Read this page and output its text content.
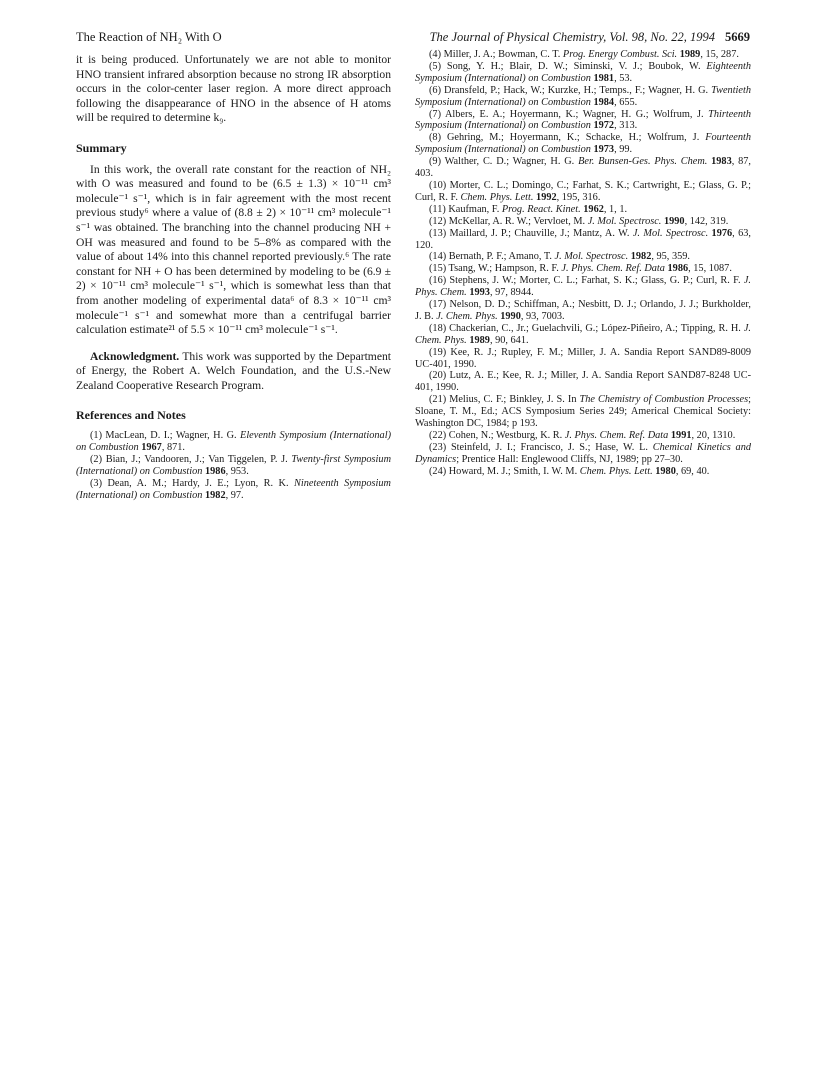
The Reaction of NH₂ With O	The Journal of Physical Chemistry, Vol. 98, No. 22, 1994 5669

it is being produced. Unfortunately we are not able to monitor HNO transient infrared absorption because no strong IR absorption occurs in the color-center laser region. A more direct approach following the disappearance of HNO in the absence of H atoms will be required to determine k₉.

Summary

In this work, the overall rate constant for the reaction of NH₂ with O was measured and found to be (6.5 ± 1.3) × 10⁻¹¹ cm³ molecule⁻¹ s⁻¹, which is in fair agreement with the most recent previous study⁶ where a value of (8.8 ± 2) × 10⁻¹¹ cm³ molecule⁻¹ s⁻¹ was obtained. The branching into the channel producing NH + OH was measured and found to be 5–8% as compared with the value of about 14% into this channel reported previously.⁶ The rate constant for NH + O has been determined by modeling to be (6.9 ± 2) × 10⁻¹¹ cm³ molecule⁻¹ s⁻¹, which is somewhat less than that from another modeling of experimental data⁶ of 8.3 × 10⁻¹¹ cm³ molecule⁻¹ s⁻¹ and somewhat more than a centrifugal barrier calculation estimate²¹ of 5.5 × 10⁻¹¹ cm³ molecule⁻¹ s⁻¹.

Acknowledgment. This work was supported by the Department of Energy, the Robert A. Welch Foundation, and the U.S.-New Zealand Cooperative Research Program.

References and Notes

(1) MacLean, D. I.; Wagner, H. G. Eleventh Symposium (International) on Combustion 1967, 871.

(2) Bian, J.; Vandooren, J.; Van Tiggelen, P. J. Twenty-first Symposium (International) on Combustion 1986, 953.

(3) Dean, A. M.; Hardy, J. E.; Lyon, R. K. Nineteenth Symposium (International) on Combustion 1982, 97.

(4) Miller, J. A.; Bowman, C. T. Prog. Energy Combust. Sci. 1989, 15, 287.

(5) Song, Y. H.; Blair, D. W.; Siminski, V. J.; Boubok, W. Eighteenth Symposium (International) on Combustion 1981, 53.

(6) Dransfeld, P.; Hack, W.; Kurzke, H.; Temps., F.; Wagner, H. G. Twentieth Symposium (International) on Combustion 1984, 655.

(7) Albers, E. A.; Hoyermann, K.; Wagner, H. G.; Wolfrum, J. Thirteenth Symposium (International) on Combustion 1972, 313.

(8) Gehring, M.; Hoyermann, K.; Schacke, H.; Wolfrum, J. Fourteenth Symposium (International) on Combustion 1973, 99.

(9) Walther, C. D.; Wagner, H. G. Ber. Bunsen-Ges. Phys. Chem. 1983, 87, 403.

(10) Morter, C. L.; Domingo, C.; Farhat, S. K.; Cartwright, E.; Glass, G. P.; Curl, R. F. Chem. Phys. Lett. 1992, 195, 316.

(11) Kaufman, F. Prog. React. Kinet. 1962, 1, 1.

(12) McKellar, A. R. W.; Vervloet, M. J. Mol. Spectrosc. 1990, 142, 319.

(13) Maillard, J. P.; Chauville, J.; Mantz, A. W. J. Mol. Spectrosc. 1976, 63, 120.

(14) Bernath, P. F.; Amano, T. J. Mol. Spectrosc. 1982, 95, 359.

(15) Tsang, W.; Hampson, R. F. J. Phys. Chem. Ref. Data 1986, 15, 1087.

(16) Stephens, J. W.; Morter, C. L.; Farhat, S. K.; Glass, G. P.; Curl, R. F. J. Phys. Chem. 1993, 97, 8944.

(17) Nelson, D. D.; Schiffman, A.; Nesbitt, D. J.; Orlando, J. J.; Burkholder, J. B. J. Chem. Phys. 1990, 93, 7003.

(18) Chackerian, C., Jr.; Guelachvili, G.; López-Piñeiro, A.; Tipping, R. H. J. Chem. Phys. 1989, 90, 641.

(19) Kee, R. J.; Rupley, F. M.; Miller, J. A. Sandia Report SAND89-8009 UC-401, 1990.

(20) Lutz, A. E.; Kee, R. J.; Miller, J. A. Sandia Report SAND87-8248 UC-401, 1990.

(21) Melius, C. F.; Binkley, J. S. In The Chemistry of Combustion Processes; Sloane, T. M., Ed.; ACS Symposium Series 249; Americal Chemical Society: Washington DC, 1984; p 193.

(22) Cohen, N.; Westburg, K. R. J. Phys. Chem. Ref. Data 1991, 20, 1310.

(23) Steinfeld, J. I.; Francisco, J. S.; Hase, W. L. Chemical Kinetics and Dynamics; Prentice Hall: Englewood Cliffs, NJ, 1989; pp 27–30.

(24) Howard, M. J.; Smith, I. W. M. Chem. Phys. Lett. 1980, 69, 40.
